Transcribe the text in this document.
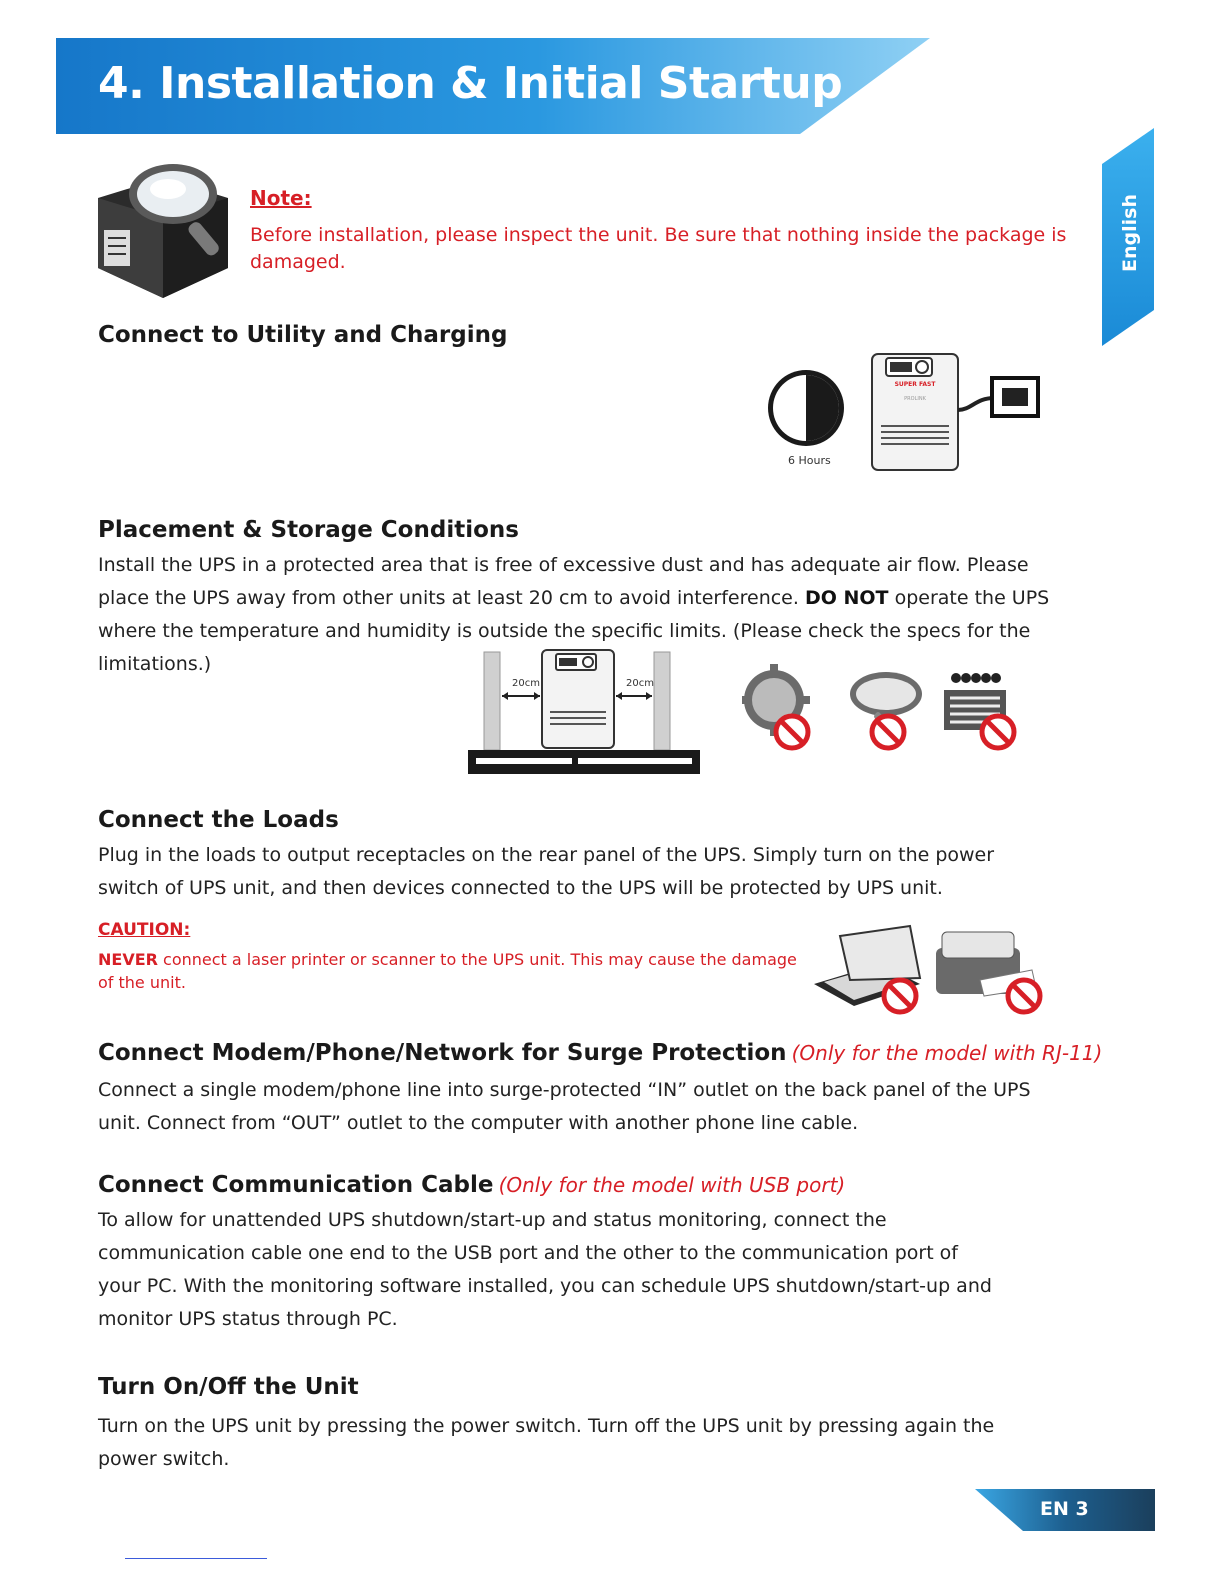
4. Installation & Initial Startup
English
Note:
Before installation, please inspect the unit. Be sure that nothing inside the package is damaged.
Connect to Utility and Charging
SUPER FAST
PROLINK
6 Hours
Placement & Storage Conditions
Install the UPS in a protected area that is free of excessive dust and has adequate air flow. Please place the UPS away from other units at least 20 cm to avoid interference. DO NOT operate the UPS where the temperature and humidity is outside the specific limits. (Please check the specs for the limitations.)
20cm	20cm
Connect the Loads
Plug in the loads to output receptacles on the rear panel of the UPS. Simply turn on the power switch of UPS unit, and then devices connected to the UPS will be protected by UPS unit.
CAUTION:
NEVER connect a laser printer or scanner to the UPS unit. This may cause the damage of the unit.
Connect Modem/Phone/Network for Surge Protection (Only for the model with RJ-11)
Connect a single modem/phone line into surge-protected “IN” outlet on the back panel of the UPS unit. Connect from “OUT” outlet to the computer with another phone line cable.
Connect Communication Cable (Only for the model with USB port)
To allow for unattended UPS shutdown/start-up and status monitoring, connect the communication cable one end to the USB port and the other to the communication port of your PC. With the monitoring software installed, you can schedule UPS shutdown/start-up and monitor UPS status through PC.
Turn On/Off the Unit
Turn on the UPS unit by pressing the power switch. Turn off the UPS unit by pressing again the power switch.
EN 3
